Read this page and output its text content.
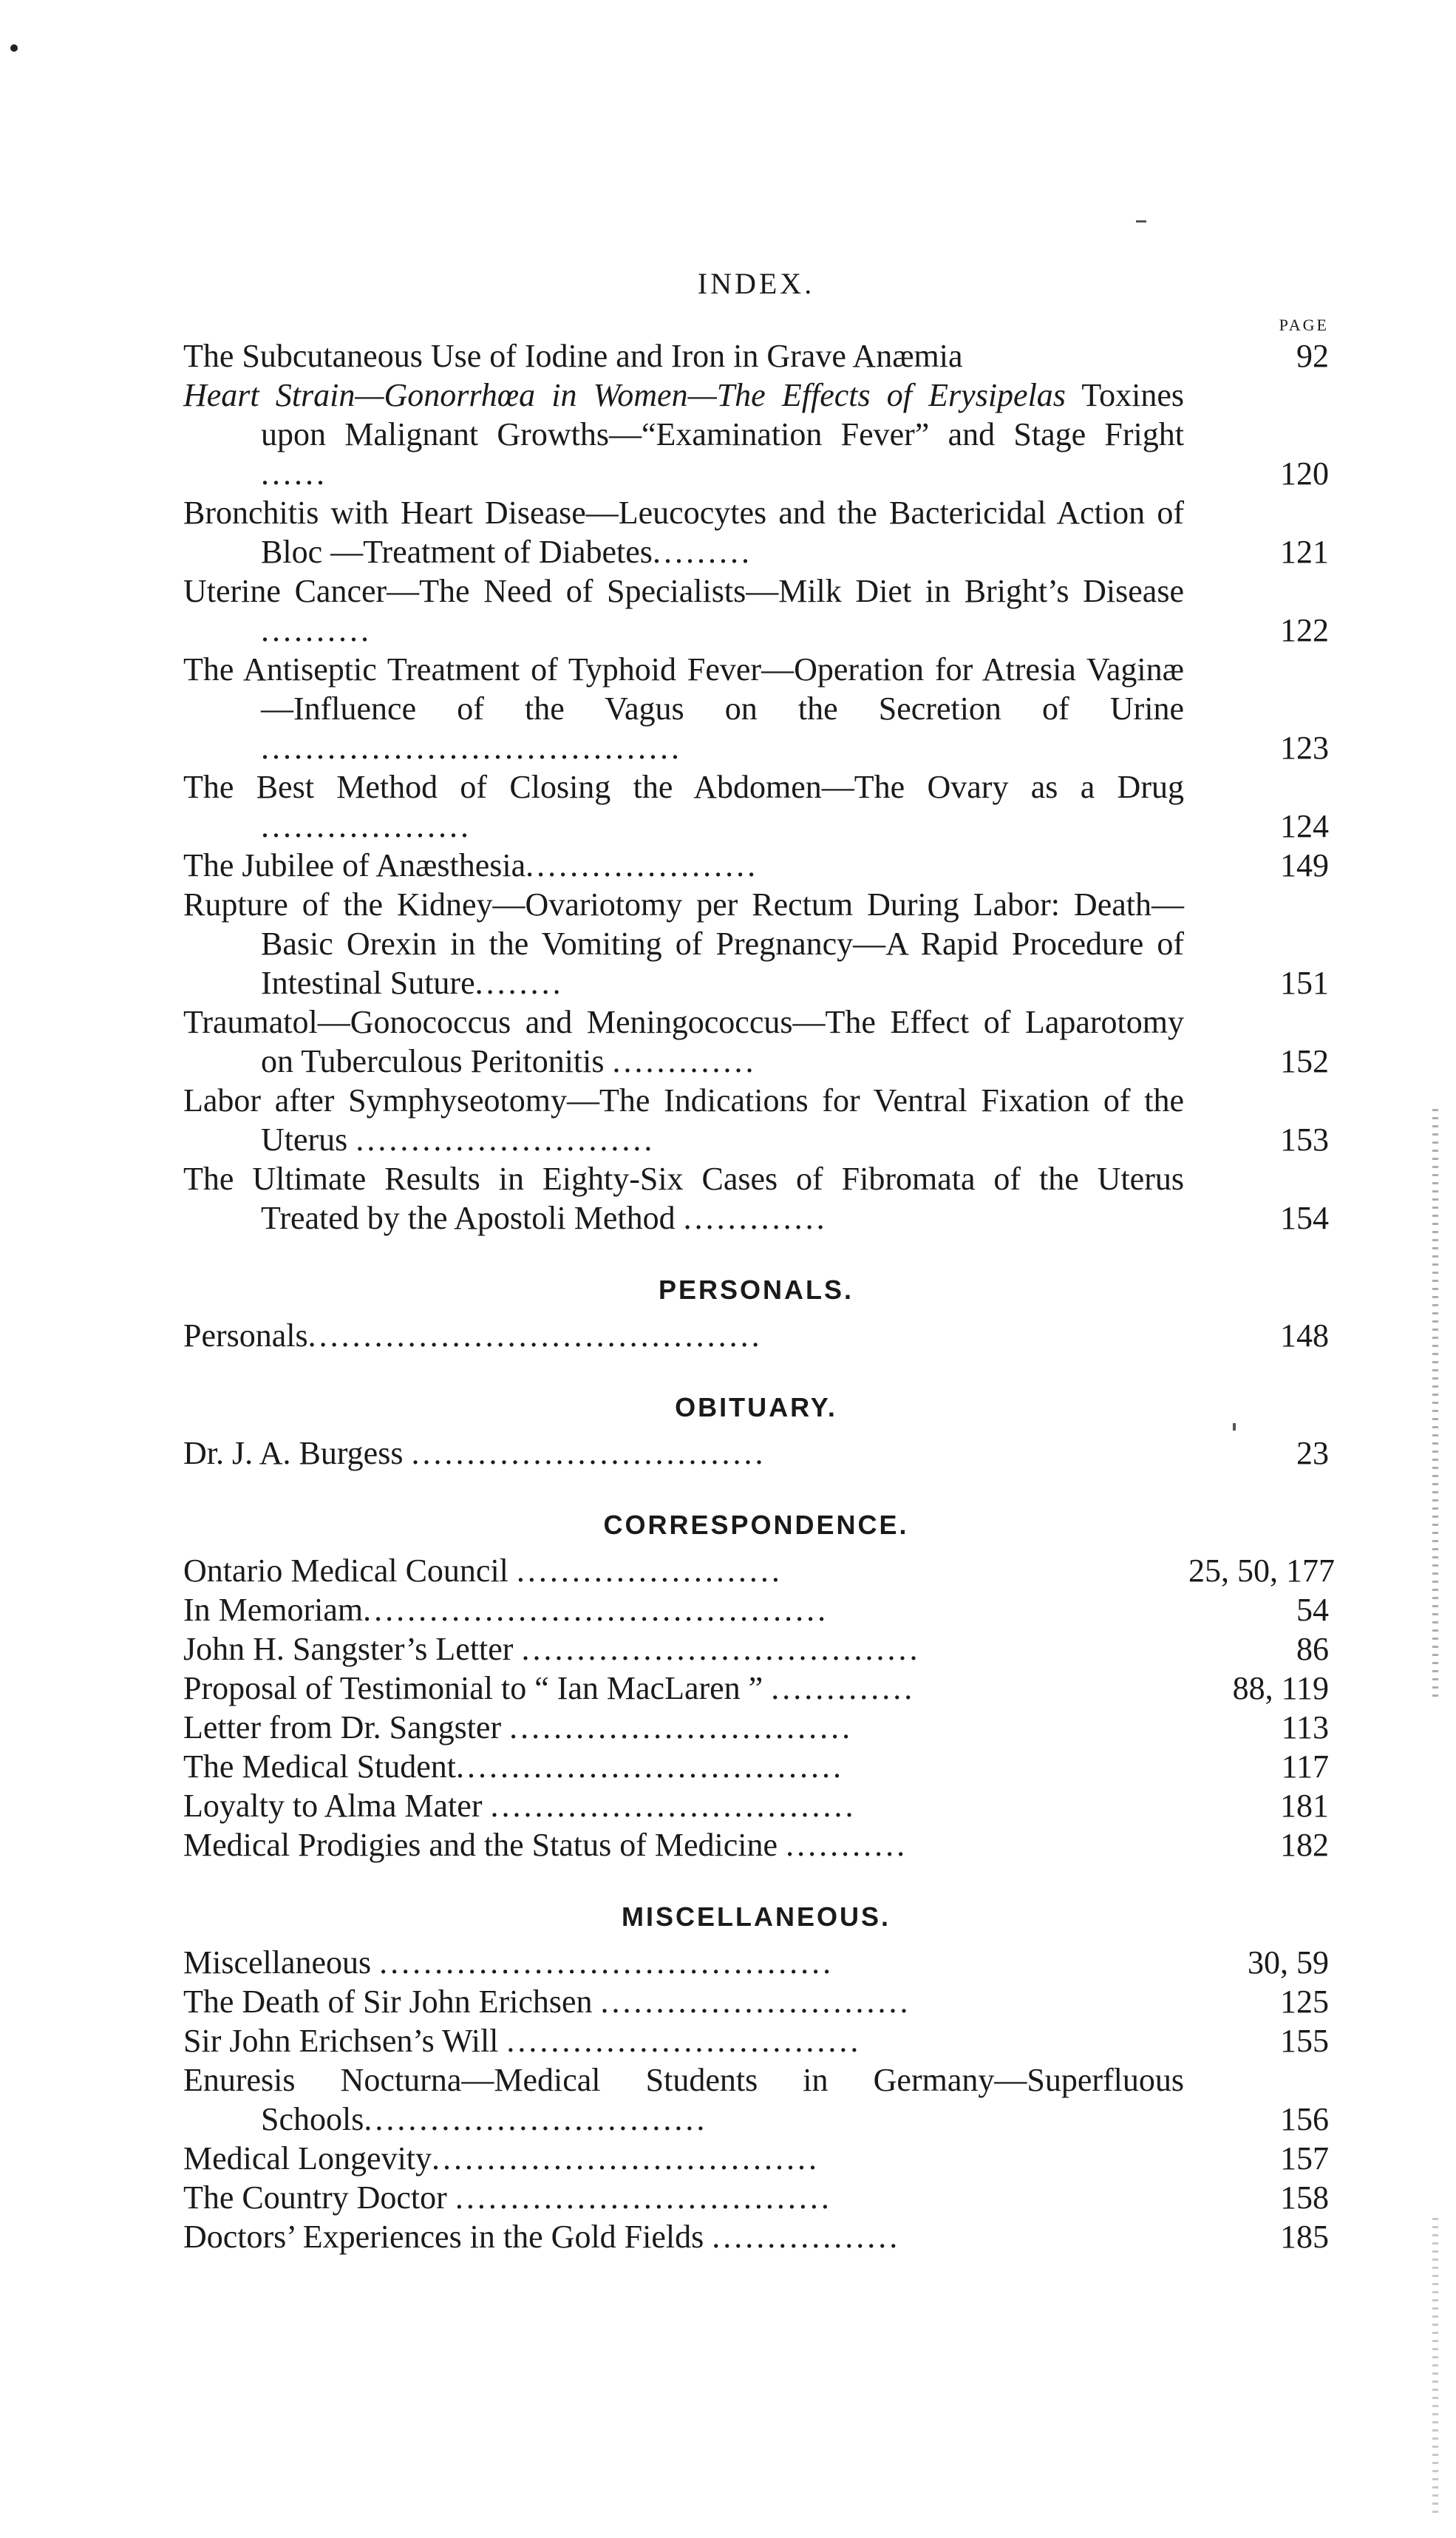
INDEX.
PAGE
The Subcutaneous Use of Iodine and Iron in Grave Anæmia	92
Heart Strain—Gonorrhœa in Women—The Effects of Erysipelas Toxines upon Malignant Growths—“Examination Fever” and Stage Fright ......	120
Bronchitis with Heart Disease—Leucocytes and the Bactericidal Action of Bloc —Treatment of Diabetes.........	121
Uterine Cancer—The Need of Specialists—Milk Diet in Bright’s Disease ..........	122
The Antiseptic Treatment of Typhoid Fever—Operation for Atresia Vaginæ—Influence of the Vagus on the Secretion of Urine ......................................	123
The Best Method of Closing the Abdomen—The Ovary as a Drug ...................	124
The Jubilee of Anæsthesia.....................	149
Rupture of the Kidney—Ovariotomy per Rectum During Labor: Death—Basic Orexin in the Vomiting of Pregnancy—A Rapid Procedure of Intestinal Suture........	151
Traumatol—Gonococcus and Meningococcus—The Effect of Laparotomy on Tuberculous Peritonitis .............	152
Labor after Symphyseotomy—The Indications for Ventral Fixation of the Uterus ...........................	153
The Ultimate Results in Eighty-Six Cases of Fibromata of the Uterus Treated by the Apostoli Method .............	154
PERSONALS.
Personals.........................................	148
OBITUARY.
Dr. J. A. Burgess ................................	23
CORRESPONDENCE.
Ontario Medical Council ........................	25, 50, 177
In Memoriam..........................................	54
John H. Sangster’s Letter ....................................	86
Proposal of Testimonial to “ Ian MacLaren ” .............	88, 119
Letter from Dr. Sangster ...............................	113
The Medical Student...................................	117
Loyalty to Alma Mater .................................	181
Medical Prodigies and the Status of Medicine ...........	182
MISCELLANEOUS.
Miscellaneous .........................................	30, 59
The Death of Sir John Erichsen ............................	125
Sir John Erichsen’s Will ................................	155
Enuresis Nocturna—Medical Students in Germany—Superfluous Schools...............................	156
Medical Longevity...................................	157
The Country Doctor ..................................	158
Doctors’ Experiences in the Gold Fields .................	185
